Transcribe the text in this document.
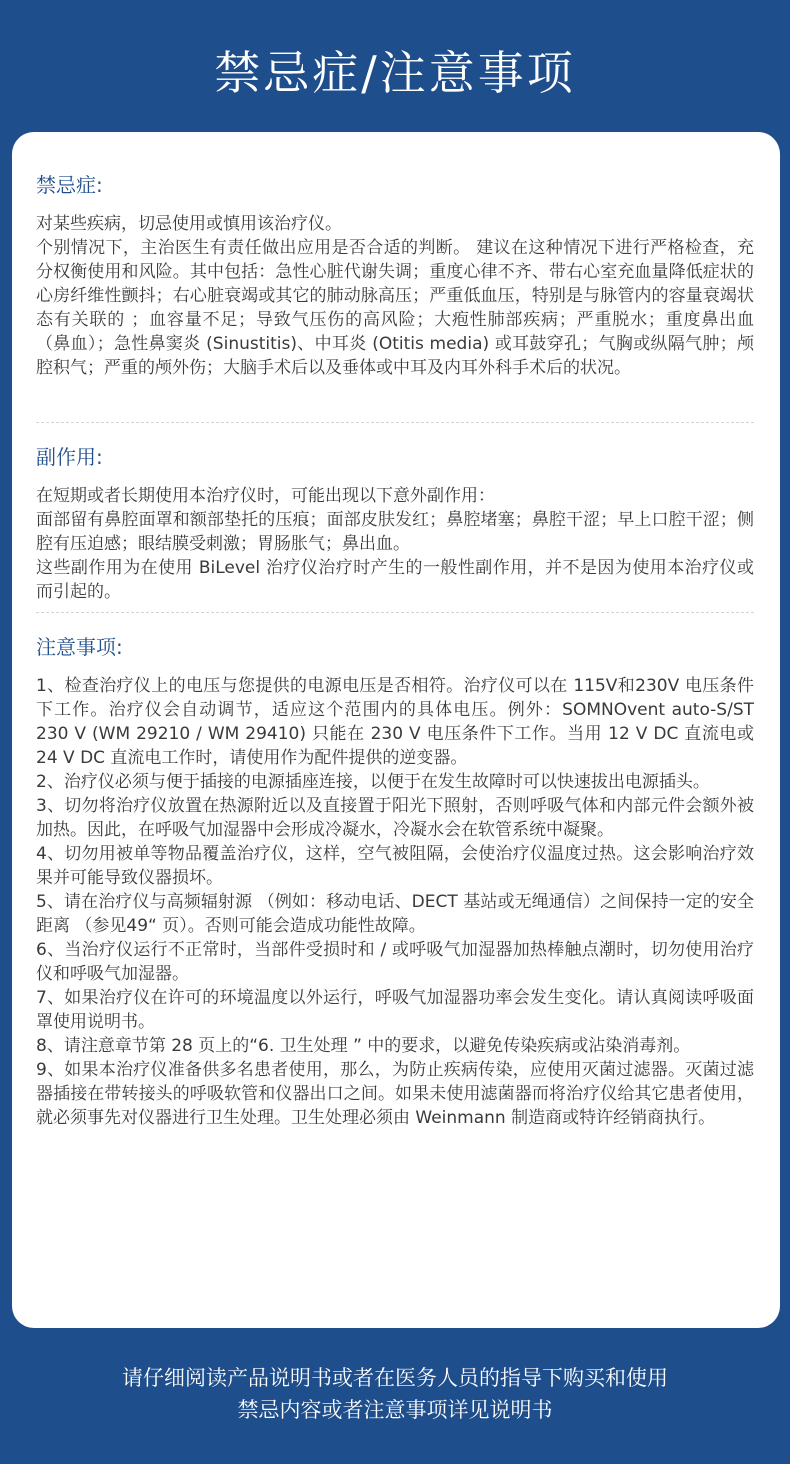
禁忌症/注意事项
禁忌症:

对某些疾病，切忌使用或慎用该治疗仪。

个别情况下，主治医生有责任做出应用是否合适的判断。 建议在这种情况下进行严格检查，充分权衡使用和风险。其中包括：急性心脏代谢失调；重度心律不齐、带右心室充血量降低症状的心房纤维性颤抖；右心脏衰竭或其它的肺动脉高压；严重低血压，特别是与脉管内的容量衰竭状态有关联的 ；血容量不足；导致气压伤的高风险；大疱性肺部疾病；严重脱水；重度鼻出血 （鼻血）；急性鼻窦炎 (Sinustitis)、中耳炎 (Otitis media) 或耳鼓穿孔；气胸或纵隔气肿；颅腔积气；严重的颅外伤；大脑手术后以及垂体或中耳及内耳外科手术后的状况。

副作用:

在短期或者长期使用本治疗仪时，可能出现以下意外副作用：

面部留有鼻腔面罩和额部垫托的压痕；面部皮肤发红；鼻腔堵塞；鼻腔干涩；早上口腔干涩；侧腔有压迫感；眼结膜受刺激；胃肠胀气；鼻出血。

这些副作用为在使用 BiLevel 治疗仪治疗时产生的一般性副作用，并不是因为使用本治疗仪或而引起的。

注意事项:

1、检查治疗仪上的电压与您提供的电源电压是否相符。治疗仪可以在 115V和230V 电压条件下工作。治疗仪会自动调节，适应这个范围内的具体电压。例外：SOMNOvent auto-S/ST 230 V (WM 29210 / WM 29410) 只能在 230 V 电压条件下工作。当用 12 V DC 直流电或 24 V DC 直流电工作时，请使用作为配件提供的逆变器。

2、治疗仪必须与便于插接的电源插座连接，以便于在发生故障时可以快速拔出电源插头。

3、切勿将治疗仪放置在热源附近以及直接置于阳光下照射，否则呼吸气体和内部元件会额外被加热。因此，在呼吸气加湿器中会形成冷凝水，冷凝水会在软管系统中凝聚。

4、切勿用被单等物品覆盖治疗仪，这样，空气被阻隔，会使治疗仪温度过热。这会影响治疗效果并可能导致仪器损坏。

5、请在治疗仪与高频辐射源 （例如：移动电话、DECT 基站或无绳通信）之间保持一定的安全距离 （参见49“ 页）。否则可能会造成功能性故障。

6、当治疗仪运行不正常时，当部件受损时和 / 或呼吸气加湿器加热棒触点潮时，切勿使用治疗仪和呼吸气加湿器。

7、如果治疗仪在许可的环境温度以外运行，呼吸气加湿器功率会发生变化。请认真阅读呼吸面罩使用说明书。

8、请注意章节第 28 页上的“6. 卫生处理 ” 中的要求，以避免传染疾病或沾染消毒剂。

9、如果本治疗仪准备供多名患者使用，那么，为防止疾病传染，应使用灭菌过滤器。灭菌过滤器插接在带转接头的呼吸软管和仪器出口之间。如果未使用滤菌器而将治疗仪给其它患者使用，就必须事先对仪器进行卫生处理。卫生处理必须由 Weinmann 制造商或特许经销商执行。

请仔细阅读产品说明书或者在医务人员的指导下购买和使用
禁忌内容或者注意事项详见说明书
